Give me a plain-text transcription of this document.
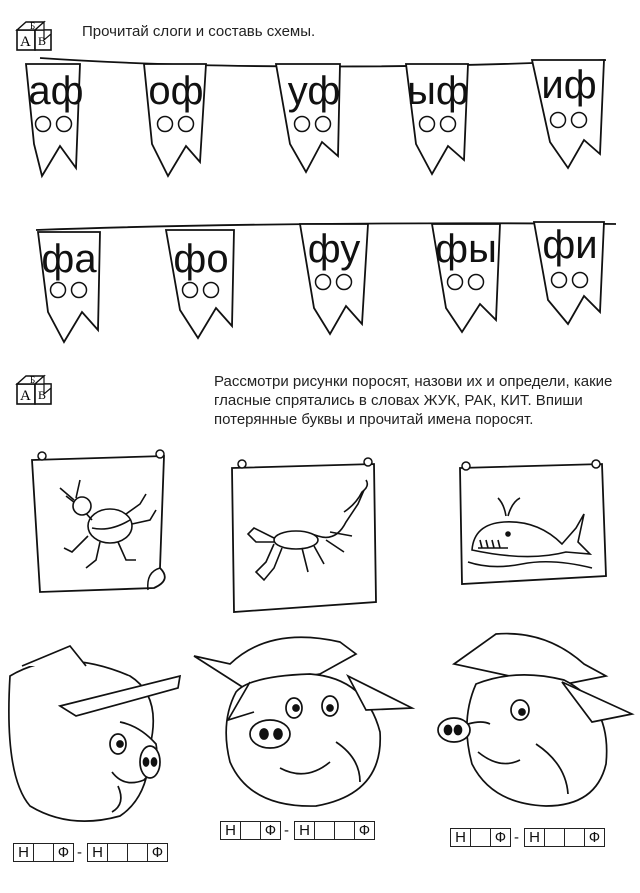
Б
А В
Прочитай слоги и составь схемы.
аф оф уф ыф иф
фа фо фу фы фи
Б
А В
Рассмотри рисунки поросят, назови их и определи, какие
гласные спрятались в словах ЖУК, РАК, КИТ. Впиши
потерянные буквы и прочитай имена поросят.
Н	Ф - Н	Ф
Н	Ф - Н	Ф	Н	Ф - Н	Ф
